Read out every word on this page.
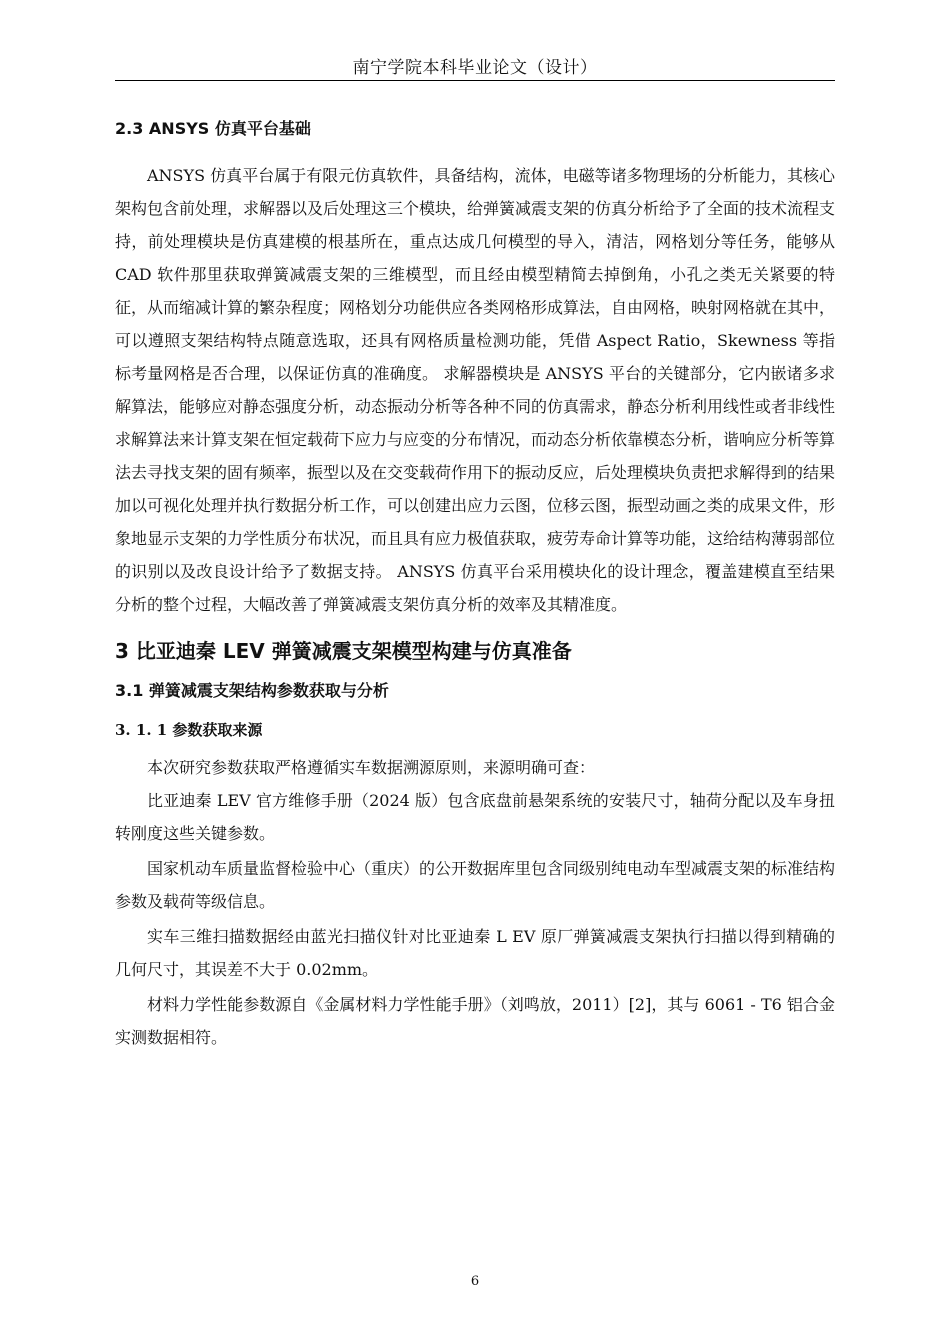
南宁学院本科毕业论文（设计）
2.3 ANSYS 仿真平台基础

ANSYS 仿真平台属于有限元仿真软件，具备结构，流体，电磁等诸多物理场的分析能力，其核心架构包含前处理，求解器以及后处理这三个模块，给弹簧减震支架的仿真分析给予了全面的技术流程支持，前处理模块是仿真建模的根基所在，重点达成几何模型的导入，清洁，网格划分等任务，能够从 CAD 软件那里获取弹簧减震支架的三维模型，而且经由模型精简去掉倒角，小孔之类无关紧要的特征，从而缩减计算的繁杂程度；网格划分功能供应各类网格形成算法，自由网格，映射网格就在其中，可以遵照支架结构特点随意选取，还具有网格质量检测功能，凭借 Aspect Ratio，Skewness 等指标考量网格是否合理，以保证仿真的准确度。 求解器模块是 ANSYS 平台的关键部分，它内嵌诸多求解算法，能够应对静态强度分析，动态振动分析等各种不同的仿真需求，静态分析利用线性或者非线性求解算法来计算支架在恒定载荷下应力与应变的分布情况，而动态分析依靠模态分析，谐响应分析等算法去寻找支架的固有频率，振型以及在交变载荷作用下的振动反应，后处理模块负责把求解得到的结果加以可视化处理并执行数据分析工作，可以创建出应力云图，位移云图，振型动画之类的成果文件，形象地显示支架的力学性质分布状况，而且具有应力极值获取，疲劳寿命计算等功能，这给结构薄弱部位的识别以及改良设计给予了数据支持。 ANSYS 仿真平台采用模块化的设计理念，覆盖建模直至结果分析的整个过程，大幅改善了弹簧减震支架仿真分析的效率及其精准度。

3 比亚迪秦 LEV 弹簧减震支架模型构建与仿真准备
3.1 弹簧减震支架结构参数获取与分析
3. 1. 1 参数获取来源

本次研究参数获取严格遵循实车数据溯源原则，来源明确可查：

比亚迪秦 LEV 官方维修手册（2024 版）包含底盘前悬架系统的安装尺寸，轴荷分配以及车身扭转刚度这些关键参数。

国家机动车质量监督检验中心（重庆）的公开数据库里包含同级别纯电动车型减震支架的标准结构参数及载荷等级信息。

实车三维扫描数据经由蓝光扫描仪针对比亚迪秦 L EV 原厂弹簧减震支架执行扫描以得到精确的几何尺寸，其误差不大于 0.02mm。

材料力学性能参数源自《金属材料力学性能手册》（刘鸣放，2011）[2]，其与 6061 - T6 铝合金实测数据相符。

6
